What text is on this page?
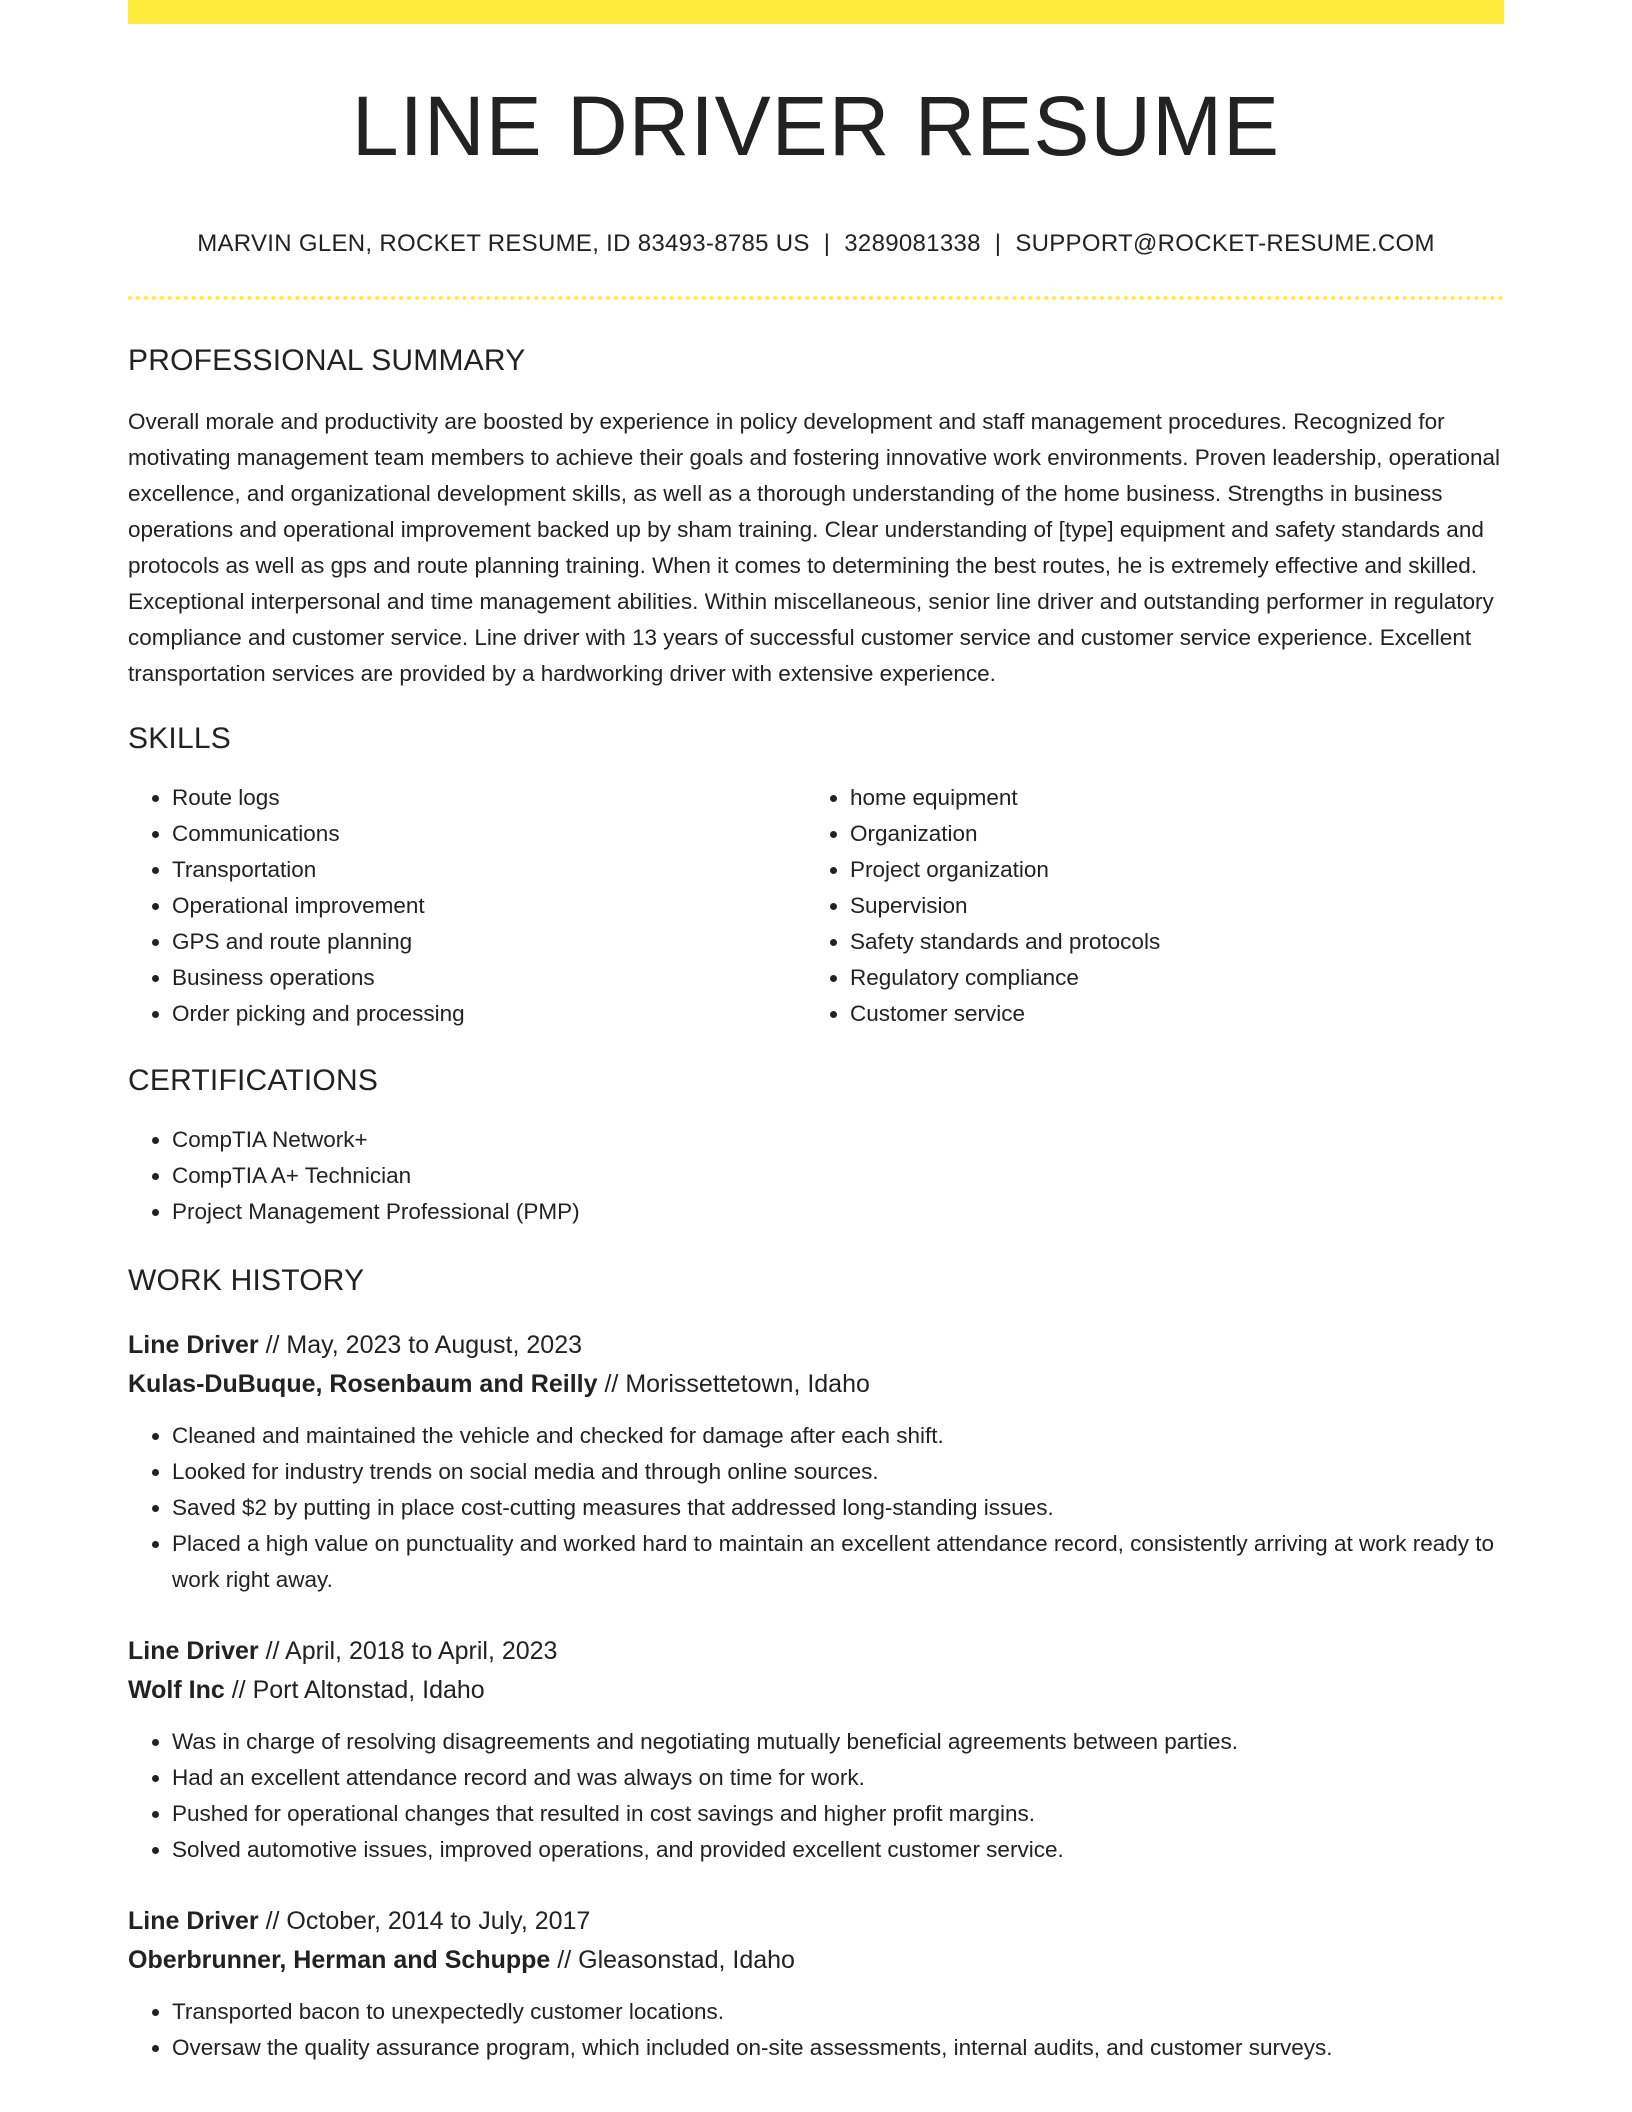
LINE DRIVER RESUME
MARVIN GLEN, ROCKET RESUME, ID 83493-8785 US | 3289081338 | SUPPORT@ROCKET-RESUME.COM
PROFESSIONAL SUMMARY
Overall morale and productivity are boosted by experience in policy development and staff management procedures. Recognized for motivating management team members to achieve their goals and fostering innovative work environments. Proven leadership, operational excellence, and organizational development skills, as well as a thorough understanding of the home business. Strengths in business operations and operational improvement backed up by sham training. Clear understanding of [type] equipment and safety standards and protocols as well as gps and route planning training. When it comes to determining the best routes, he is extremely effective and skilled. Exceptional interpersonal and time management abilities. Within miscellaneous, senior line driver and outstanding performer in regulatory compliance and customer service. Line driver with 13 years of successful customer service and customer service experience. Excellent transportation services are provided by a hardworking driver with extensive experience.
SKILLS
• Route logs
• Communications
• Transportation
• Operational improvement
• GPS and route planning
• Business operations
• Order picking and processing
• home equipment
• Organization
• Project organization
• Supervision
• Safety standards and protocols
• Regulatory compliance
• Customer service
CERTIFICATIONS
• CompTIA Network+
• CompTIA A+ Technician
• Project Management Professional (PMP)
WORK HISTORY
Line Driver // May, 2023 to August, 2023
Kulas-DuBuque, Rosenbaum and Reilly // Morissettetown, Idaho
• Cleaned and maintained the vehicle and checked for damage after each shift.
• Looked for industry trends on social media and through online sources.
• Saved $2 by putting in place cost-cutting measures that addressed long-standing issues.
• Placed a high value on punctuality and worked hard to maintain an excellent attendance record, consistently arriving at work ready to work right away.
Line Driver // April, 2018 to April, 2023
Wolf Inc // Port Altonstad, Idaho
• Was in charge of resolving disagreements and negotiating mutually beneficial agreements between parties.
• Had an excellent attendance record and was always on time for work.
• Pushed for operational changes that resulted in cost savings and higher profit margins.
• Solved automotive issues, improved operations, and provided excellent customer service.
Line Driver // October, 2014 to July, 2017
Oberbrunner, Herman and Schuppe // Gleasonstad, Idaho
• Transported bacon to unexpectedly customer locations.
• Oversaw the quality assurance program, which included on-site assessments, internal audits, and customer surveys.
